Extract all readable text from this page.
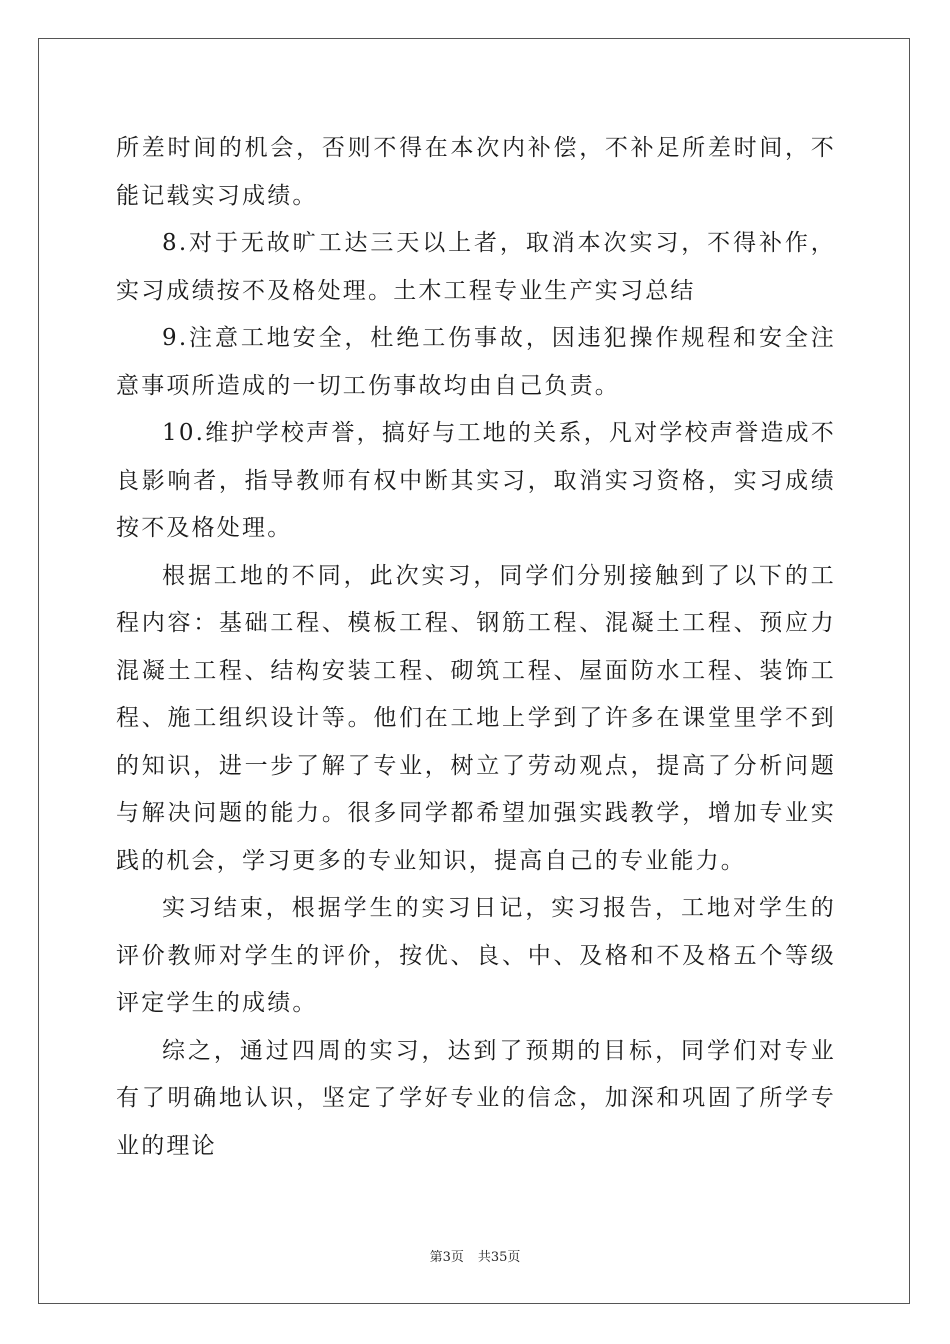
所差时间的机会，否则不得在本次内补偿，不补足所差时间，不能记载实习成绩。

8.对于无故旷工达三天以上者，取消本次实习，不得补作，实习成绩按不及格处理。土木工程专业生产实习总结

9.注意工地安全，杜绝工伤事故，因违犯操作规程和安全注意事项所造成的一切工伤事故均由自己负责。

10.维护学校声誉，搞好与工地的关系，凡对学校声誉造成不良影响者，指导教师有权中断其实习，取消实习资格，实习成绩按不及格处理。

根据工地的不同，此次实习，同学们分别接触到了以下的工程内容：基础工程、模板工程、钢筋工程、混凝土工程、预应力混凝土工程、结构安装工程、砌筑工程、屋面防水工程、装饰工程、施工组织设计等。他们在工地上学到了许多在课堂里学不到的知识，进一步了解了专业，树立了劳动观点，提高了分析问题与解决问题的能力。很多同学都希望加强实践教学，增加专业实践的机会，学习更多的专业知识，提高自己的专业能力。

实习结束，根据学生的实习日记，实习报告，工地对学生的评价教师对学生的评价，按优、良、中、及格和不及格五个等级评定学生的成绩。

综之，通过四周的实习，达到了预期的目标，同学们对专业有了明确地认识，坚定了学好专业的信念，加深和巩固了所学专业的理论

第3页 共35页
